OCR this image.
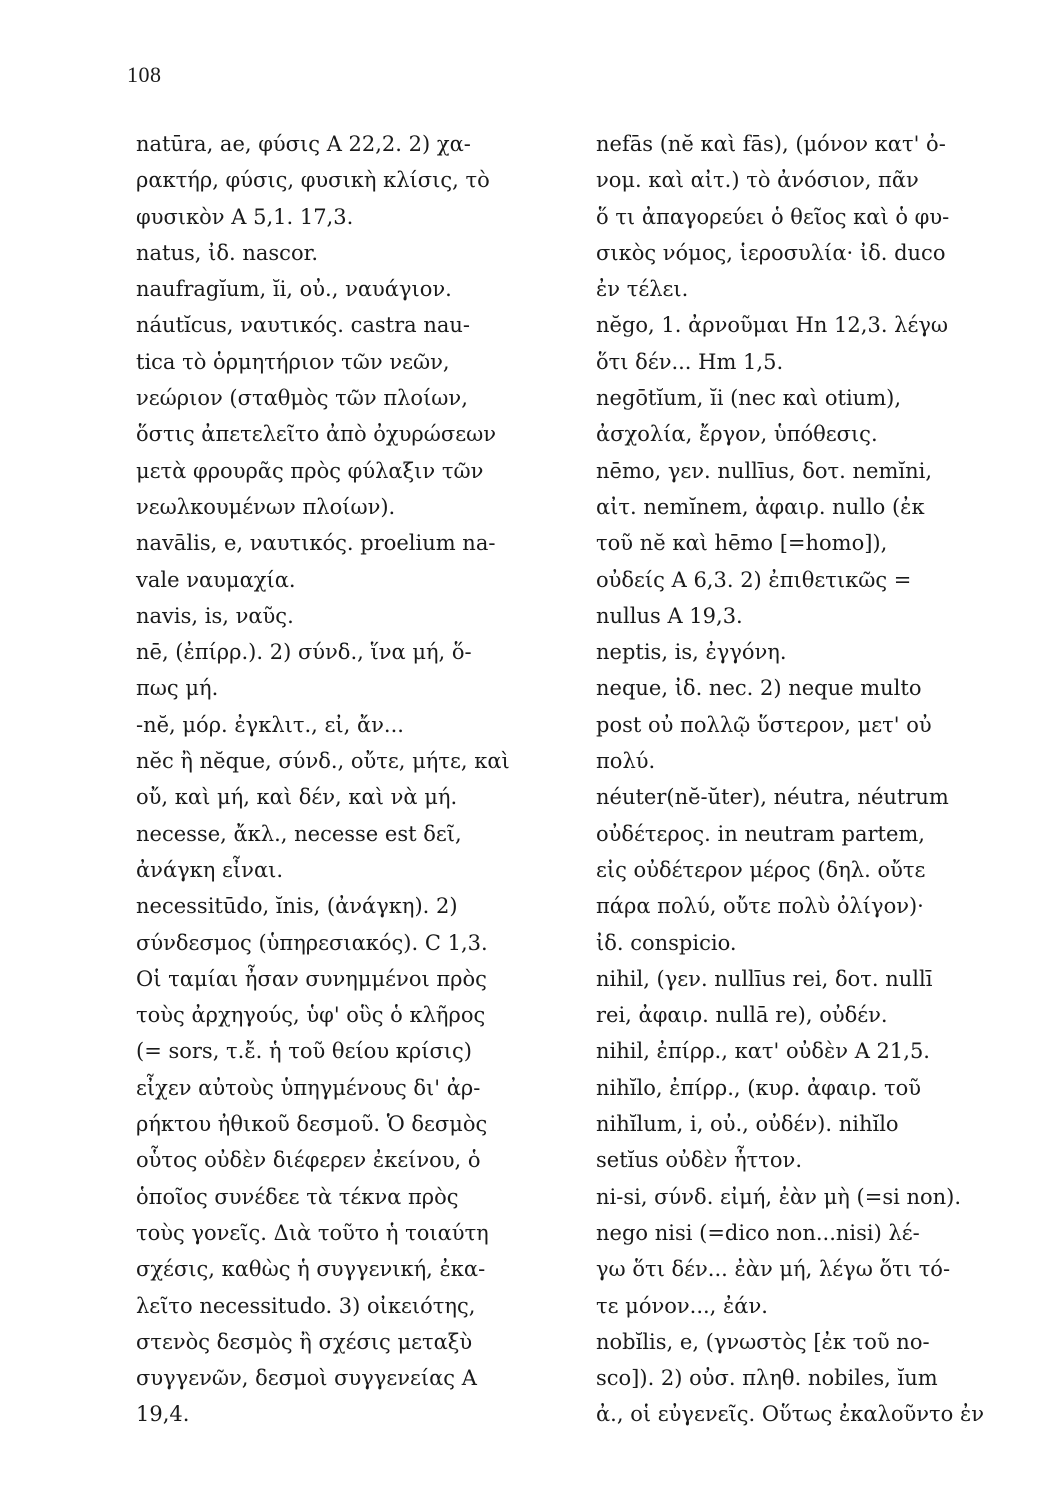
108
natūra, ae, φύσις A 22,2. 2) χα-
ρακτήρ, φύσις, φυσικὴ κλίσις, τὸ
φυσικὸν A 5,1. 17,3.
natus, ἰδ. nascor.
naufragĭum, ĭi, οὐ., ναυάγιον.
náutĭcus, ναυτικός. castra nau-
tica τὸ ὁρμητήριον τῶν νεῶν,
νεώριον (σταθμὸς τῶν πλοίων,
ὅστις ἀπετελεῖτο ἀπὸ ὀχυρώσεων
μετὰ φρουρᾶς πρὸς φύλαξιν τῶν
νεωλκουμένων πλοίων).
navālis, e, ναυτικός. proelium na-
vale ναυμαχία.
navis, is, ναῦς.
nē, (ἐπίρρ.). 2) σύνδ., ἵνα μή, ὅ-
πως μή.
-nĕ, μόρ. ἐγκλιτ., εἰ, ἄν...
nĕc ἢ nĕque, σύνδ., οὔτε, μήτε, καὶ
οὔ, καὶ μή, καὶ δέν, καὶ νὰ μή.
necesse, ἄκλ., necesse est δεῖ,
ἀνάγκη εἶναι.
necessitūdo, ĭnis, (ἀνάγκη). 2)
σύνδεσμος (ὑπηρεσιακός). C 1,3.
Οἱ ταμίαι ἦσαν συνημμένοι πρὸς
τοὺς ἀρχηγούς, ὑφ' οὓς ὁ κλῆρος
(= sors, τ.ἔ. ἡ τοῦ θείου κρίσις)
εἶχεν αὐτοὺς ὑπηγμένους δι' ἀρ-
ρήκτου ἠθικοῦ δεσμοῦ. Ὁ δεσμὸς
οὗτος οὐδὲν διέφερεν ἐκείνου, ὁ
ὁποῖος συνέδεε τὰ τέκνα πρὸς
τοὺς γονεῖς. Διὰ τοῦτο ἡ τοιαύτη
σχέσις, καθὼς ἡ συγγενική, ἐκα-
λεῖτο necessitudo. 3) οἰκειότης,
στενὸς δεσμὸς ἢ σχέσις μεταξὺ
συγγενῶν, δεσμοὶ συγγενείας A
19,4.
nefās (nĕ καὶ fās), (μόνον κατ' ὀ-
νομ. καὶ αἰτ.) τὸ ἀνόσιον, πᾶν
ὅ τι ἀπαγορεύει ὁ θεῖος καὶ ὁ φυ-
σικὸς νόμος, ἱεροσυλία· ἰδ. duco
ἐν τέλει.
nĕgo, 1. ἀρνοῦμαι Hn 12,3. λέγω
ὅτι δέν... Hm 1,5.
negōtĭum, ĭi (nec καὶ otium),
ἀσχολία, ἔργον, ὑπόθεσις.
nēmo, γεν. nullīus, δοτ. nemĭni,
αἰτ. nemĭnem, ἀφαιρ. nullo (ἐκ
τοῦ nĕ καὶ hēmo [=homo]),
οὐδείς A 6,3. 2) ἐπιθετικῶς =
nullus A 19,3.
neptis, is, ἐγγόνη.
neque, ἰδ. nec. 2) neque multo
post οὐ πολλῷ ὕστερον, μετ' οὐ
πολύ.
néuter(nĕ-ŭter), néutra, néutrum
οὐδέτερος. in neutram partem,
εἰς οὐδέτερον μέρος (δηλ. οὔτε
πάρα πολύ, οὔτε πολὺ ὀλίγον)·
ἰδ. conspicio.
nihil, (γεν. nullīus rei, δοτ. nullī
rei, ἀφαιρ. nullā re), οὐδέν.
nihil, ἐπίρρ., κατ' οὐδὲν A 21,5.
nihĭlo, ἐπίρρ., (κυρ. ἀφαιρ. τοῦ
nihĭlum, i, οὐ., οὐδέν). nihĭlo
setĭus οὐδὲν ἧττον.
ni-si, σύνδ. εἰμή, ἐὰν μὴ (=si non).
nego nisi (=dico non...nisi) λέ-
γω ὅτι δέν... ἐὰν μή, λέγω ὅτι τό-
τε μόνον..., ἐάν.
nobĭlis, e, (γνωστὸς [ἐκ τοῦ no-
sco]). 2) οὐσ. πληθ. nobiles, ĭum
ἀ., οἱ εὐγενεῖς. Οὕτως ἐκαλοῦντο ἐν
